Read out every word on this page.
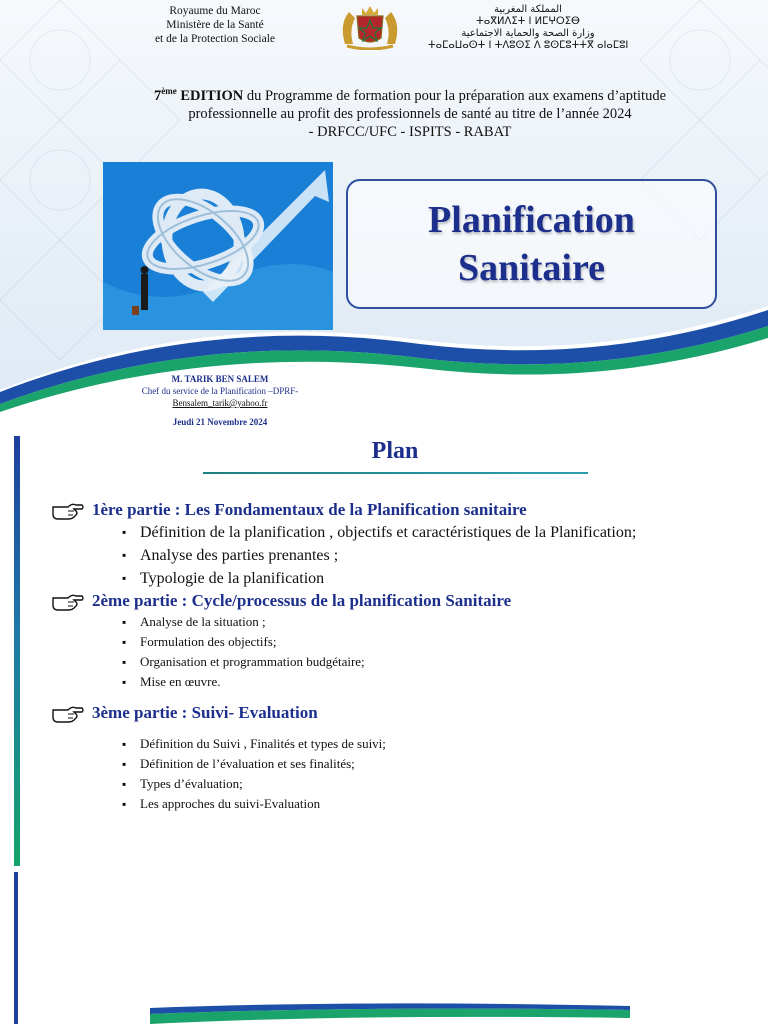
Royaume du Maroc
Ministère de la Santé
et de la Protection Sociale
المملكة المغربية
ⵜⴰⴳⵍⴷⵉⵜ ⵏ ⵍⵎⵖⵔⵉⴱ
وزارة الصحة والحماية الاجتماعية
ⵜⴰⵎⴰⵡⴰⵙⵜ ⵏ ⵜⴷⵓⵙⵉ ⴷ ⵓⵙⵎⵓⵜⵜⴳ ⴰⵏⴰⵎⵓⵏ
7ème EDITION du Programme de formation pour la préparation aux examens d’aptitude professionnelle au profit des professionnels de santé au titre de l’année 2024
- DRFCC/UFC - ISPITS - RABAT
Planification
Sanitaire
M. TARIK BEN SALEM
Chef du service de la Planification –DPRF-
Bensalem_tarik@yahoo.fr
Jeudi 21 Novembre 2024
Plan
1ère partie : Les Fondamentaux de la Planification sanitaire
▪ Définition de la planification , objectifs et caractéristiques de la Planification;
▪ Analyse des parties prenantes ;
▪ Typologie de la planification
2ème partie : Cycle/processus de la planification Sanitaire
▪ Analyse de la situation ;
▪ Formulation des objectifs;
▪ Organisation et programmation budgétaire;
▪ Mise en œuvre.
3ème partie : Suivi- Evaluation
▪ Définition du Suivi , Finalités et types de suivi;
▪ Définition de l’évaluation et ses finalités;
▪ Types d’évaluation;
▪ Les approches du suivi-Evaluation
